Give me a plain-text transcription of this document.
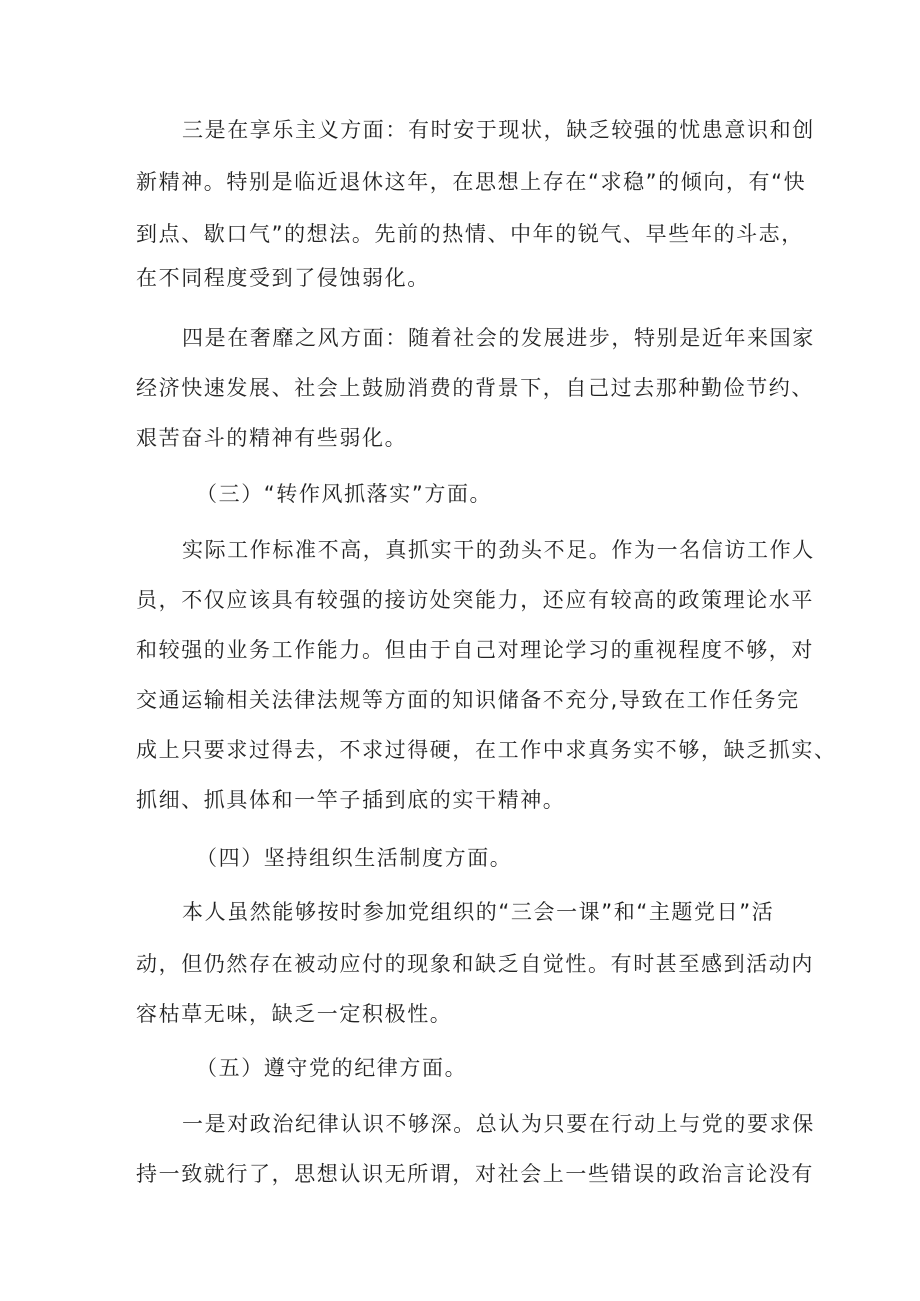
三是在享乐主义方面：有时安于现状，缺乏较强的忧患意识和创
新精神。特别是临近退休这年，在思想上存在“求稳”的倾向，有“快
到点、歇口气”的想法。先前的热情、中年的锐气、早些年的斗志，
在不同程度受到了侵蚀弱化。
四是在奢靡之风方面：随着社会的发展进步，特别是近年来国家
经济快速发展、社会上鼓励消费的背景下，自己过去那种勤俭节约、
艰苦奋斗的精神有些弱化。
（三）“转作风抓落实”方面。
实际工作标准不高，真抓实干的劲头不足。作为一名信访工作人
员，不仅应该具有较强的接访处突能力，还应有较高的政策理论水平
和较强的业务工作能力。但由于自己对理论学习的重视程度不够，对
交通运输相关法律法规等方面的知识储备不充分,导致在工作任务完
成上只要求过得去，不求过得硬，在工作中求真务实不够，缺乏抓实、
抓细、抓具体和一竿子插到底的实干精神。
（四）坚持组织生活制度方面。
本人虽然能够按时参加党组织的“三会一课”和“主题党日”活
动，但仍然存在被动应付的现象和缺乏自觉性。有时甚至感到活动内
容枯草无味，缺乏一定积极性。
（五）遵守党的纪律方面。
一是对政治纪律认识不够深。总认为只要在行动上与党的要求保
持一致就行了，思想认识无所谓，对社会上一些错误的政治言论没有
